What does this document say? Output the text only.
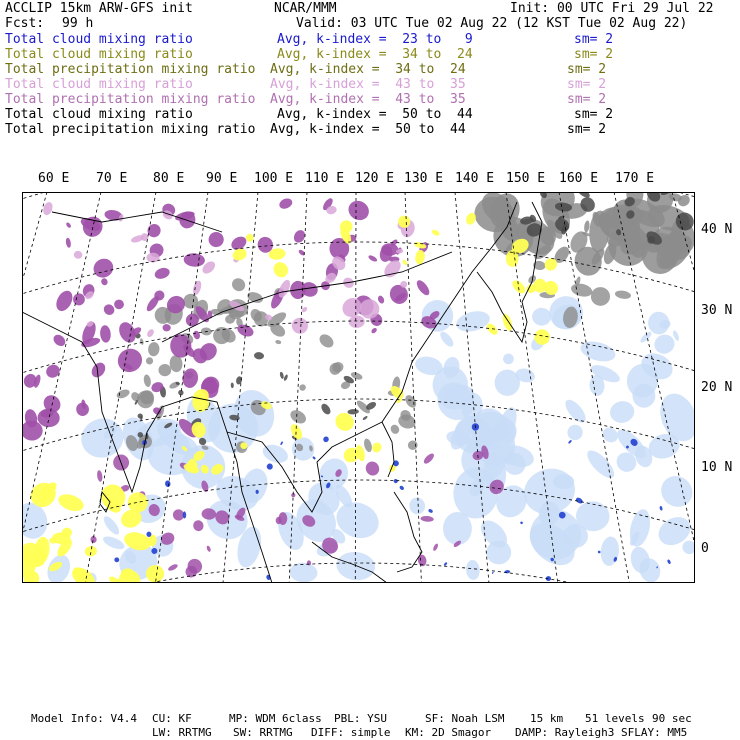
ACCLIP 15km ARW-GFS init	NCAR/MMM	Init: 00 UTC Fri 29 Jul 22
Fcst: 99 h	Valid: 03 UTC Tue 02 Aug 22 (12 KST Tue 02 Aug 22)
Total cloud mixing ratio	Avg, k-index =  23 to   9	sm= 2
Total cloud mixing ratio	Avg, k-index =  34 to  24	sm= 2
Total precipitation mixing ratio Avg, k-index =  34 to  24	sm= 2
Total cloud mixing ratio	Avg, k-index =  43 to  35	sm= 2
Total precipitation mixing ratio Avg, k-index =  43 to  35	sm= 2
Total cloud mixing ratio	Avg, k-index =  50 to  44	sm= 2
Total precipitation mixing ratio Avg, k-index =  50 to  44	sm= 2
60 E 70 E 80 E 90 E 100 E 110 E 120 E 130 E 140 E 150 E 160 E 170 E
40 N
30 N
20 N
10 N
0
Model Info: V4.4 CU: KF	MP: WDM 6class PBL: YSU	SF: Noah LSM 15 km 51 levels 90 sec
LW: RRTMG SW: RRTMG DIFF: simple KM: 2D Smagor DAMP: Rayleigh3 SFLAY: MM5
